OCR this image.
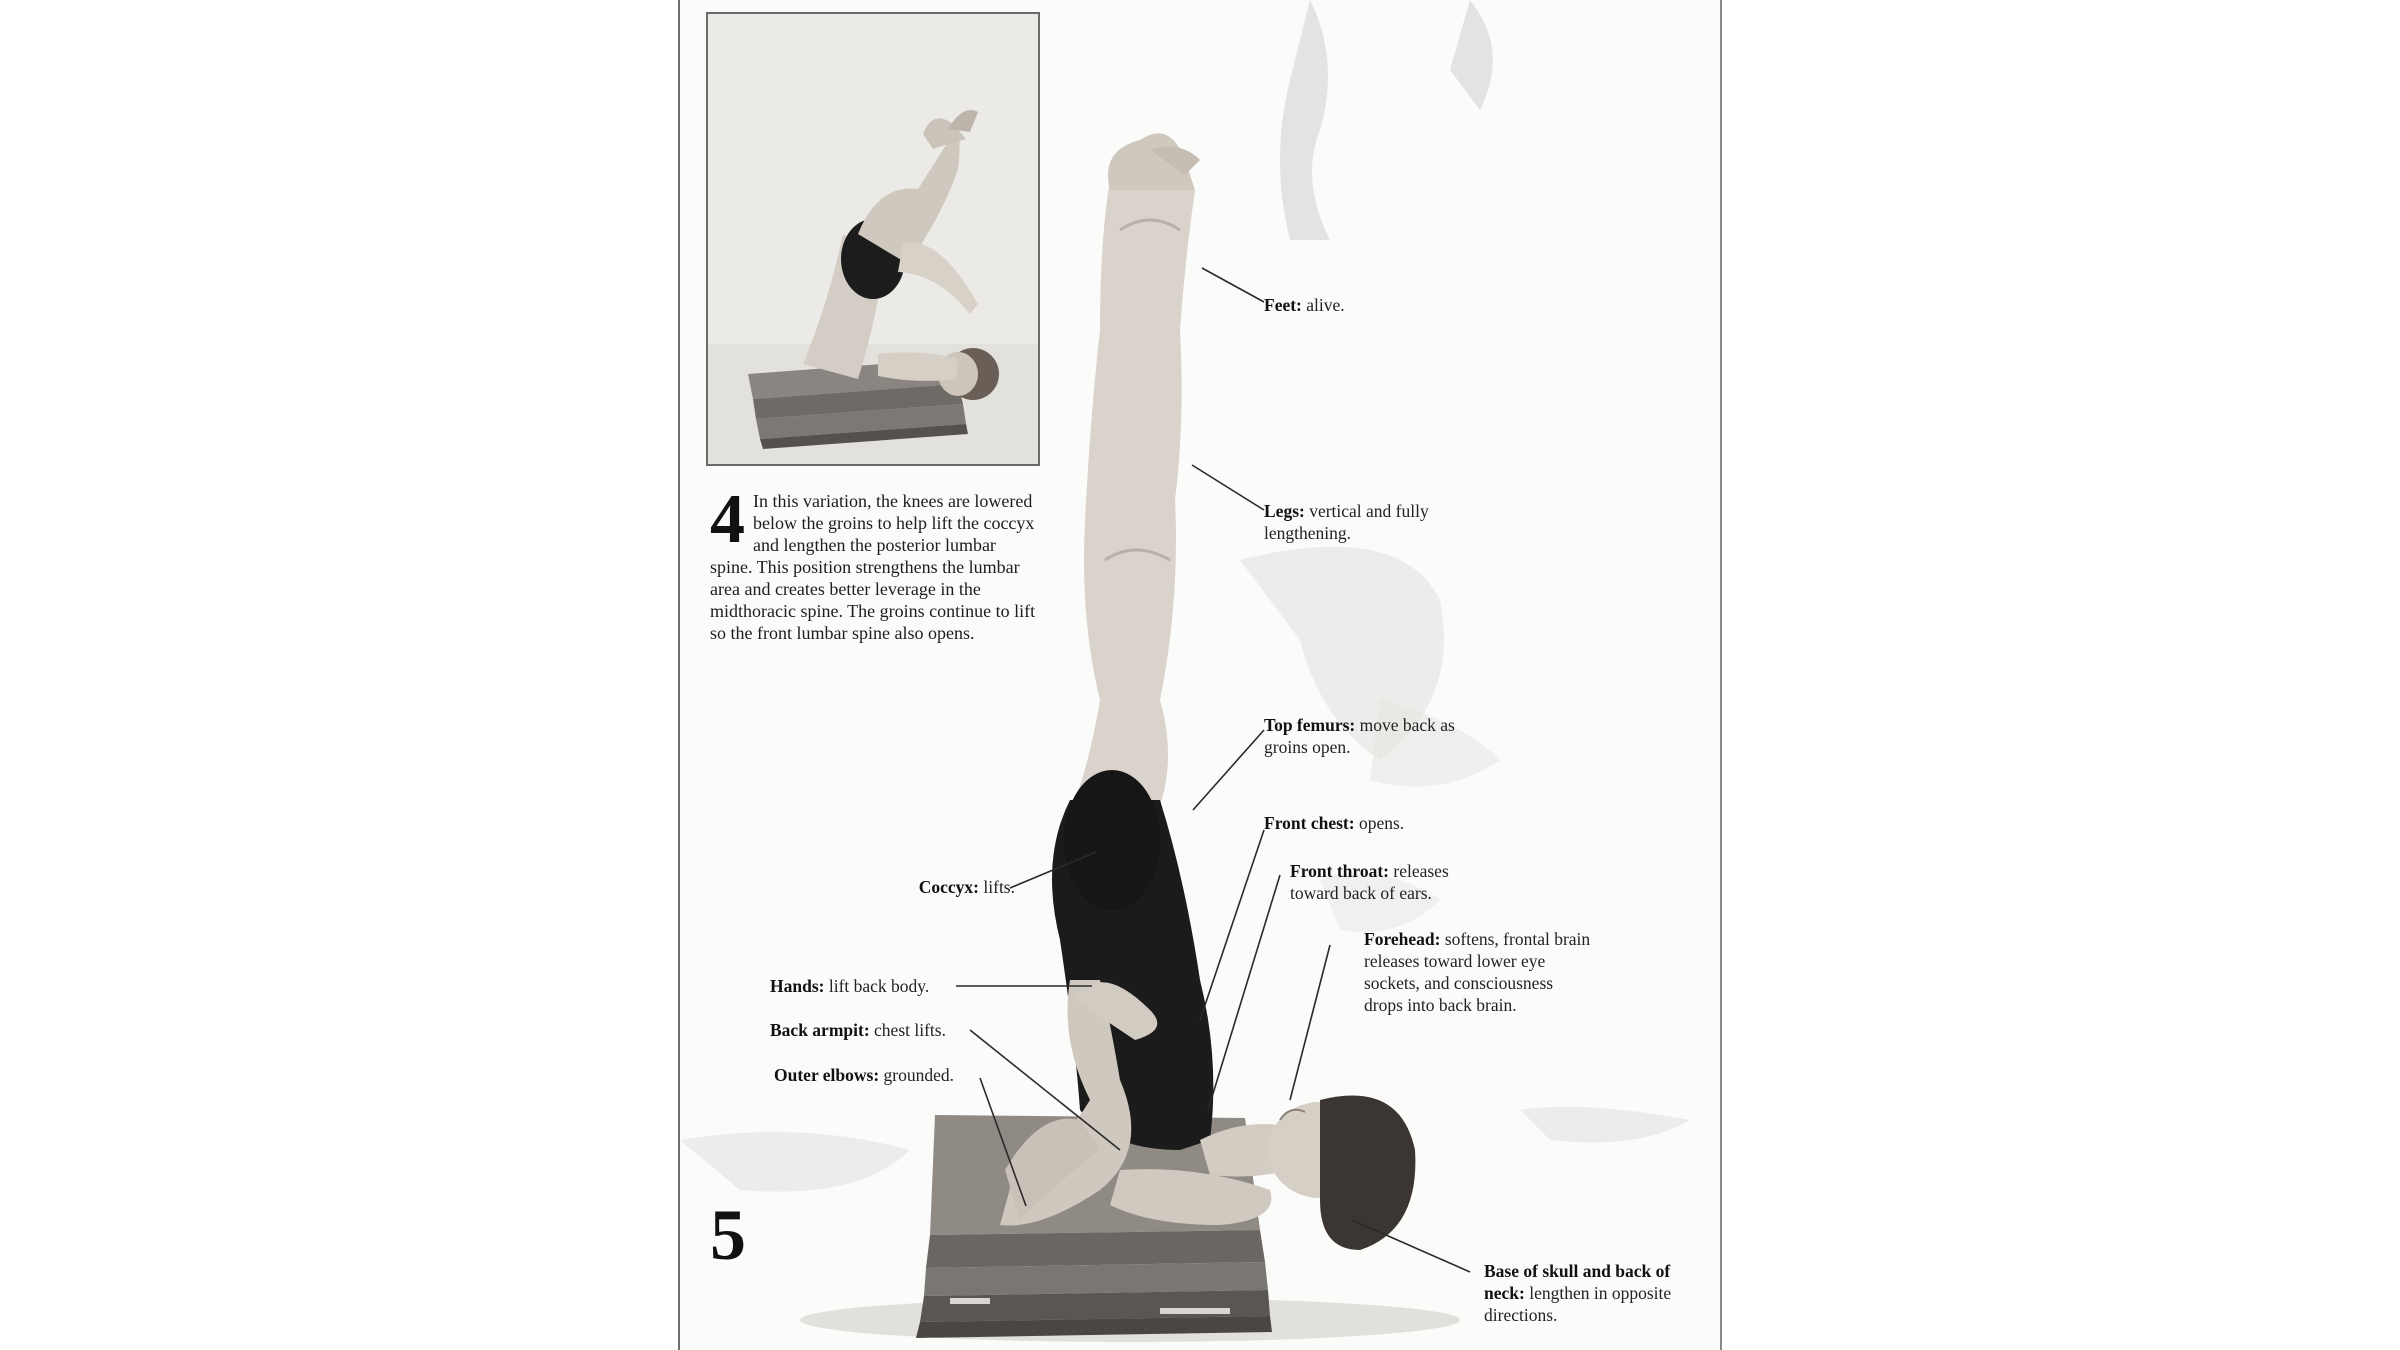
4 In this variation, the knees are lowered below the groins to help lift the coccyx and lengthen the posterior lumbar spine. This position strengthens the lumbar area and creates better leverage in the midthoracic spine. The groins continue to lift so the front lumbar spine also opens.
Feet: alive.
Legs: vertical and fully lengthening.
Top femurs: move back as groins open.
Front chest: opens.
Front throat: releases toward back of ears.
Forehead: softens, frontal brain releases toward lower eye sockets, and consciousness drops into back brain.
Coccyx: lifts.
Hands: lift back body.
Back armpit: chest lifts.
Outer elbows: grounded.
Base of skull and back of neck: lengthen in opposite directions.
5
